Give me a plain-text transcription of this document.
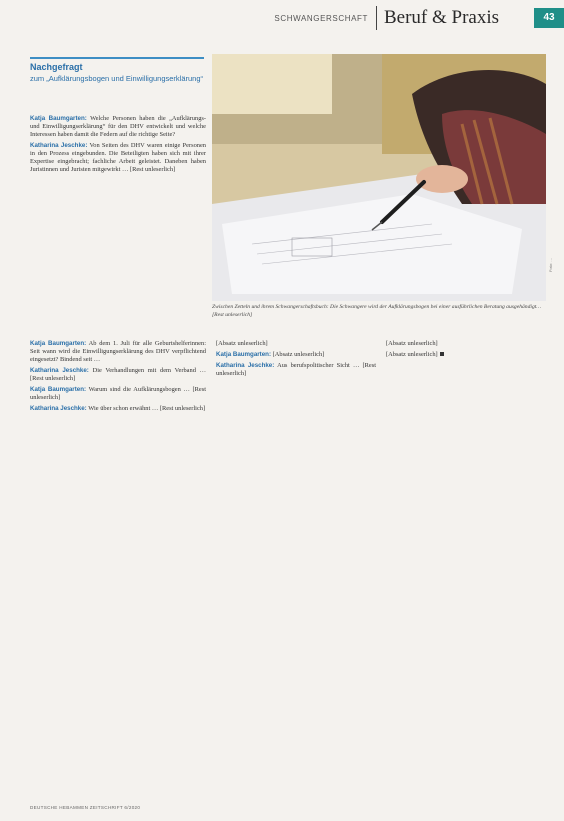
SCHWANGERSCHAFT Beruf & Praxis	43
Nachgefragt
zum „Aufklärungsbogen und Einwilligungserklärung“
Foto: …
Zwischen Zetteln und ihrem Schwangerschaftsbuch: Die Schwangere wird der Aufklärungsbogen bei einer ausführlichen Beratung ausgehändigt… [Rest unleserlich]

Katja Baumgarten: Welche Personen haben die „Aufklärungs- und Einwilligungserklärung“ für den DHV entwickelt und welche Interessen haben damit die Federn auf die richtige Seite?

Katharina Jeschke: Von Seiten des DHV waren einige Personen in den Prozess eingebunden. Die Beteiligten haben sich mit ihrer Expertise eingebracht; fachliche Arbeit geleistet. Daneben haben Juristinnen und Juristen mitgewirkt … [Rest unleserlich]

Katja Baumgarten: Ab dem 1. Juli für alle Geburtshelferinnen: Seit wann wird die Einwilligungserklärung des DHV verpflichtend eingesetzt? Bindend seit …

Katharina Jeschke: Die Verhandlungen mit dem Verband … [Rest unleserlich]

Katja Baumgarten: Warum sind die Aufklärungsbogen … [Rest unleserlich]

Katharina Jeschke: Wie über schon erwähnt … [Rest unleserlich]

[Absatz unleserlich]

Katja Baumgarten: [Absatz unleserlich]

Katharina Jeschke: Aus berufspolitischer Sicht … [Rest unleserlich]

[Absatz unleserlich]

[Absatz unleserlich]

DEUTSCHE HEBAMMEN ZEITSCHRIFT 6/2020
